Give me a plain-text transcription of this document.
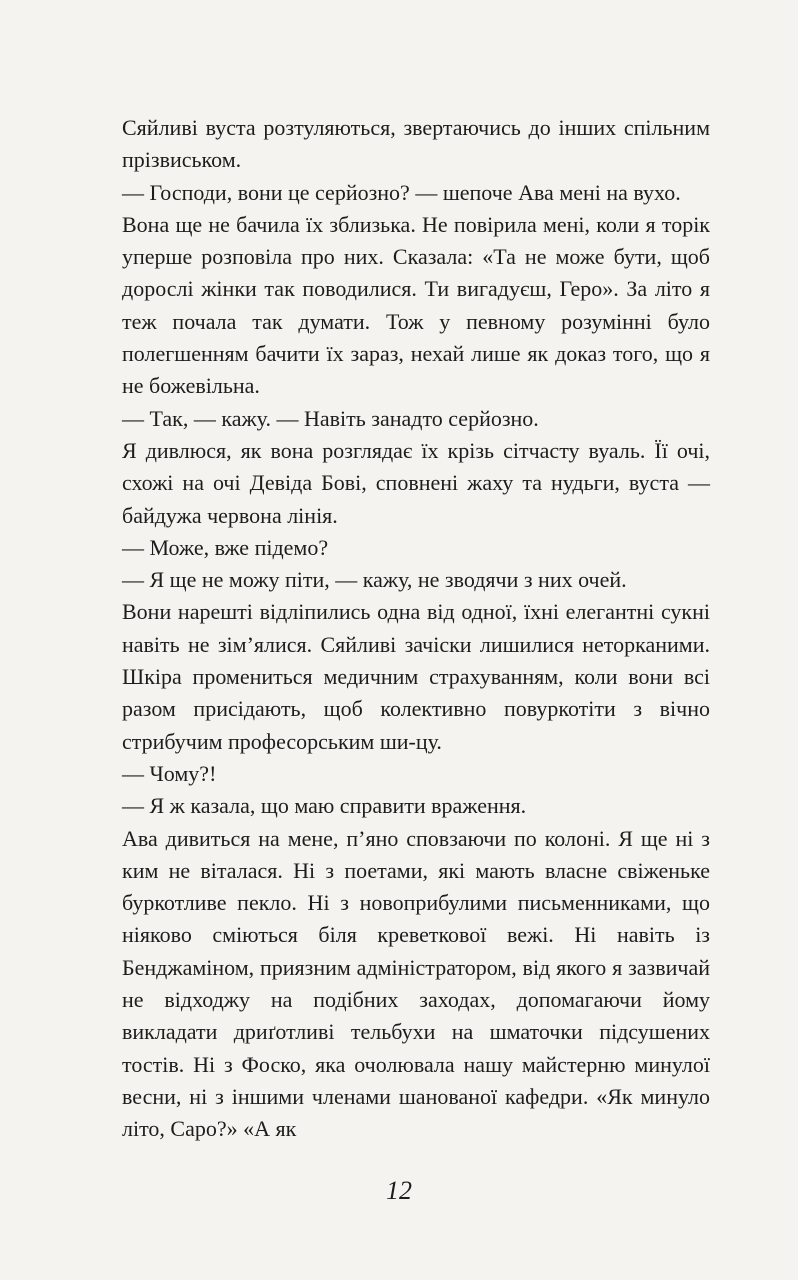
Сяйливі вуста розтуляються, звертаючись до інших спільним прізвиськом.

— Господи, вони це серйозно? — шепоче Ава мені на вухо.

Вона ще не бачила їх зблизька. Не повірила мені, коли я торік уперше розповіла про них. Сказала: «Та не може бути, щоб дорослі жінки так поводилися. Ти вигадуєш, Геро». За літо я теж почала так думати. Тож у певному розумінні було полегшенням бачити їх зараз, нехай лише як доказ того, що я не божевільна.

— Так, — кажу. — Навіть занадто серйозно.

Я дивлюся, як вона розглядає їх крізь сітчасту вуаль. Її очі, схожі на очі Девіда Бові, сповнені жаху та нудьги, вуста — байдужа червона лінія.

— Може, вже підемо?

— Я ще не можу піти, — кажу, не зводячи з них очей.

Вони нарешті відліпились одна від одної, їхні елегантні сукні навіть не зім’ялися. Сяйливі зачіски лишилися неторканими. Шкіра промениться медичним страхуванням, коли вони всі разом присідають, щоб колективно повуркотіти з вічно стрибучим професорським ши-цу.

— Чому?!

— Я ж казала, що маю справити враження.

Ава дивиться на мене, п’яно сповзаючи по колоні. Я ще ні з ким не віталася. Ні з поетами, які мають власне свіженьке буркотливе пекло. Ні з новоприбулими письменниками, що ніяково сміються біля креветкової вежі. Ні навіть із Бенджаміном, приязним адміністратором, від якого я зазвичай не відходжу на подібних заходах, допомагаючи йому викладати дриґотливі тельбухи на шматочки підсушених тостів. Ні з Фоско, яка очолювала нашу майстерню минулої весни, ні з іншими членами шанованої кафедри. «Як минуло літо, Саро?» «А як

12
